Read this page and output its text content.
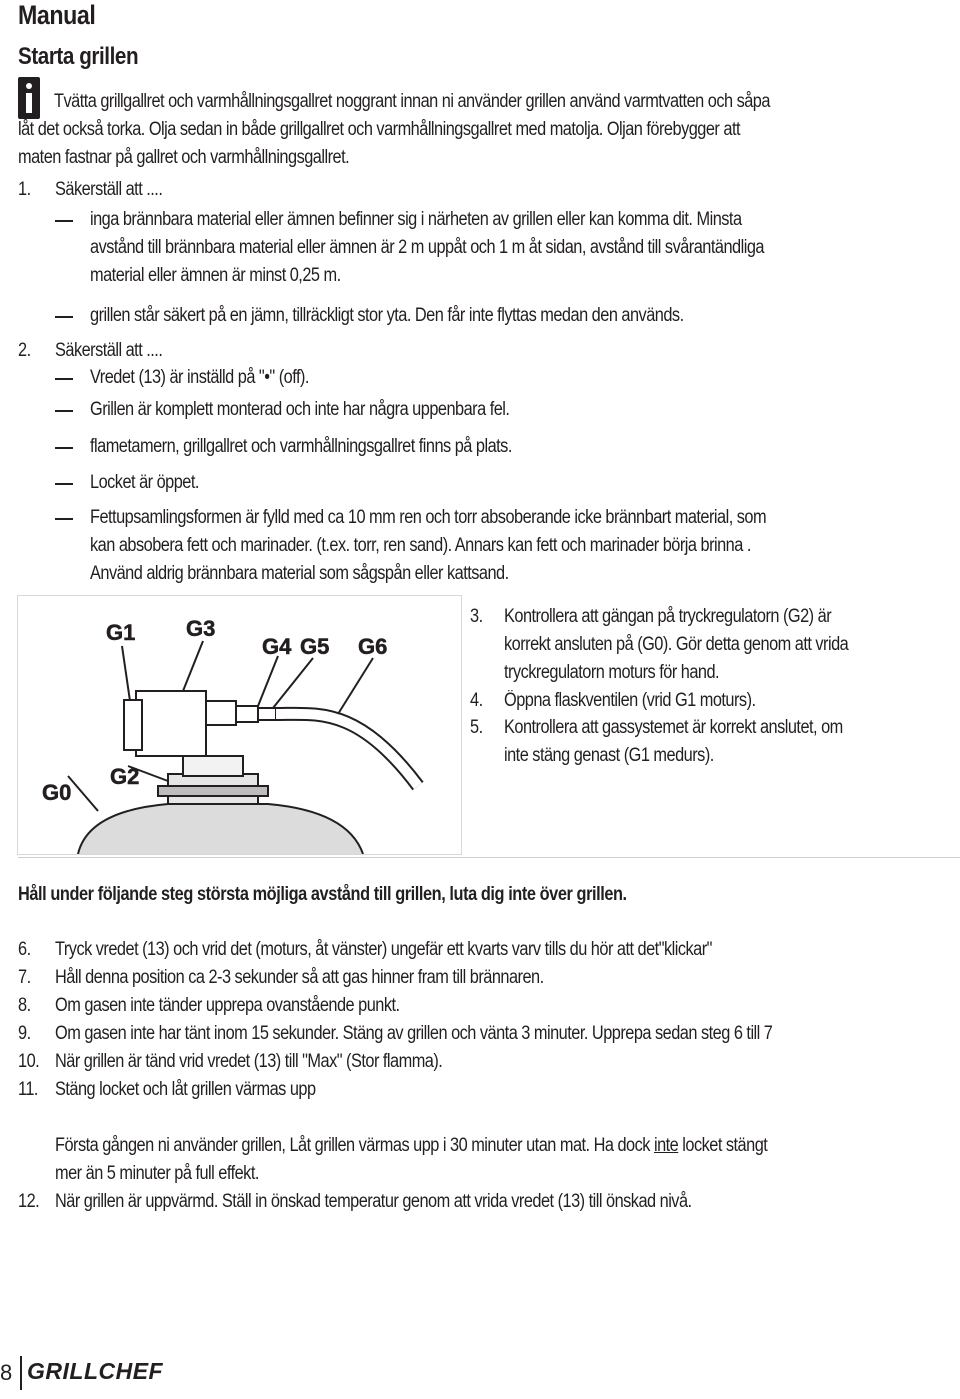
Manual
Starta grillen
Tvätta grillgallret och varmhållningsgallret noggrant innan ni använder grillen använd varmtvatten och såpa
låt det också torka. Olja sedan in både grillgallret och varmhållningsgallret med matolja. Oljan förebygger att
maten fastnar på gallret och varmhållningsgallret.
1. Säkerställ att ....
inga brännbara material eller ämnen befinner sig i närheten av grillen eller kan komma dit. Minsta
avstånd till brännbara material eller ämnen är 2 m uppåt och 1 m åt sidan, avstånd till svårantändliga
material eller ämnen är minst 0,25 m.
grillen står säkert på en jämn, tillräckligt stor yta. Den får inte flyttas medan den används.
2. Säkerställ att ....
Vredet (13) är inställd på "•" (off).
Grillen är komplett monterad och inte har några uppenbara fel.
flametamern, grillgallret och varmhållningsgallret finns på plats.
Locket är öppet.
Fettupsamlingsformen är fylld med ca 10 mm ren och torr absoberande icke brännbart material, som
kan absobera fett och marinader. (t.ex. torr, ren sand). Annars kan fett och marinader börja brinna .
Använd aldrig brännbara material som sågspån eller kattsand.
G1 G3
G4 G5 G6
G2
G0
3. Kontrollera att gängan på tryckregulatorn (G2) är
korrekt ansluten på (G0). Gör detta genom att vrida
tryckregulatorn moturs för hand.
4. Öppna flaskventilen (vrid G1 moturs).
5. Kontrollera att gassystemet är korrekt anslutet, om
inte stäng genast (G1 medurs).
Håll under följande steg största möjliga avstånd till grillen, luta dig inte över grillen.
6. Tryck vredet (13) och vrid det (moturs, åt vänster) ungefär ett kvarts varv tills du hör att det"klickar"
7. Håll denna position ca 2-3 sekunder så att gas hinner fram till brännaren.
8. Om gasen inte tänder upprepa ovanstående punkt.
9. Om gasen inte har tänt inom 15 sekunder. Stäng av grillen och vänta 3 minuter. Upprepa sedan steg 6 till 7
10. När grillen är tänd vrid vredet (13) till "Max" (Stor flamma).
11. Stäng locket och låt grillen värmas upp
Första gången ni använder grillen, Låt grillen värmas upp i 30 minuter utan mat. Ha dock inte locket stängt
mer än 5 minuter på full effekt.
12. När grillen är uppvärmd. Ställ in önskad temperatur genom att vrida vredet (13) till önskad nivå.
8 GRILLCHEF
